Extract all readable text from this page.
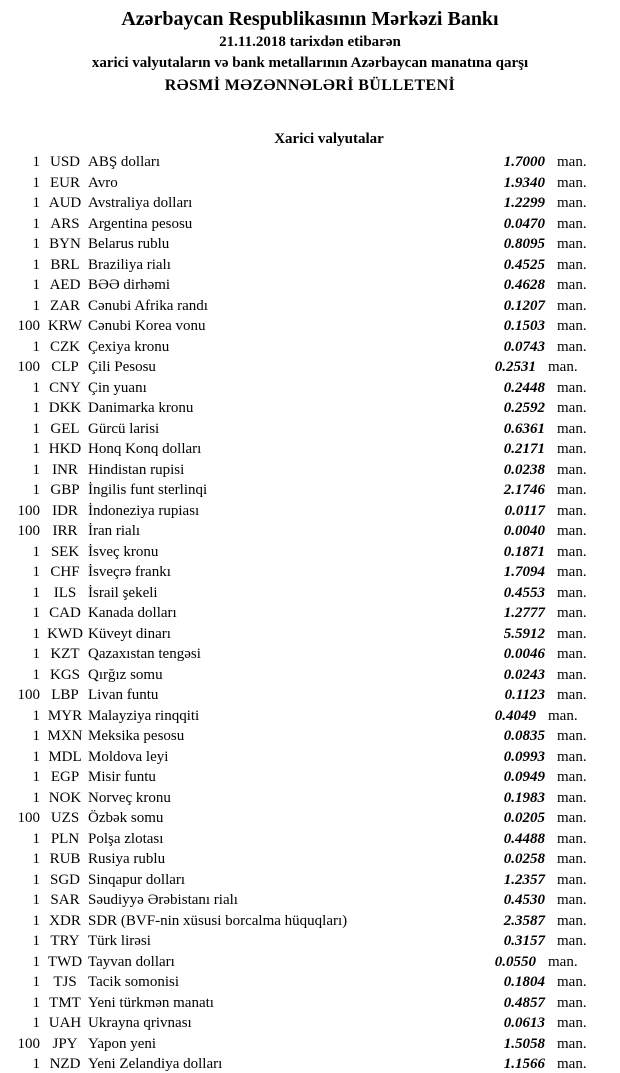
Azərbaycan Respublikasının Mərkəzi Bankı
21.11.2018 tarixdən etibarən
xarici valyutaların və bank metallarının Azərbaycan manatına qarşı
RƏSMİ MƏZƏNNƏLƏRİ BÜLLETENİ
Xarici valyutalar
1 USD ABŞ dolları	1.7000 man.
1 EUR Avro	1.9340 man.
1 AUD Avstraliya dolları	1.2299 man.
1 ARS Argentina pesosu	0.0470 man.
1 BYN Belarus rublu	0.8095 man.
1 BRL Braziliya rialı	0.4525 man.
1 AED BƏƏ dirhəmi	0.4628 man.
1 ZAR Cənubi Afrika randı	0.1207 man.
100 KRW Cənubi Korea vonu	0.1503 man.
1 CZK Çexiya kronu	0.0743 man.
100 CLP Çili Pesosu	0.2531 man.
1 CNY Çin yuanı	0.2448 man.
1 DKK Danimarka kronu	0.2592 man.
1 GEL Gürcü larisi	0.6361 man.
1 HKD Honq Konq dolları	0.2171 man.
1 INR Hindistan rupisi	0.0238 man.
1 GBP İngilis funt sterlinqi	2.1746 man.
100 IDR İndoneziya rupiası	0.0117 man.
100 IRR İran rialı	0.0040 man.
1 SEK İsveç kronu	0.1871 man.
1 CHF İsveçrə frankı	1.7094 man.
1 ILS İsrail şekeli	0.4553 man.
1 CAD Kanada dolları	1.2777 man.
1 KWD Küveyt dinarı	5.5912 man.
1 KZT Qazaxıstan tengəsi	0.0046 man.
1 KGS Qırğız somu	0.0243 man.
100 LBP Livan funtu	0.1123 man.
1 MYR Malayziya rinqqiti	0.4049 man.
1 MXN Meksika pesosu	0.0835 man.
1 MDL Moldova leyi	0.0993 man.
1 EGP Misir funtu	0.0949 man.
1 NOK Norveç kronu	0.1983 man.
100 UZS Özbək somu	0.0205 man.
1 PLN Polşa zlotası	0.4488 man.
1 RUB Rusiya rublu	0.0258 man.
1 SGD Sinqapur dolları	1.2357 man.
1 SAR Səudiyyə Ərəbistanı rialı	0.4530 man.
1 XDR SDR (BVF-nin xüsusi borcalma hüquqları)	2.3587 man.
1 TRY Türk lirəsi	0.3157 man.
1 TWD Tayvan dolları	0.0550 man.
1 TJS Tacik somonisi	0.1804 man.
1 TMT Yeni türkmən manatı	0.4857 man.
1 UAH Ukrayna qrivnası	0.0613 man.
100 JPY Yapon yeni	1.5058 man.
1 NZD Yeni Zelandiya dolları	1.1566 man.
